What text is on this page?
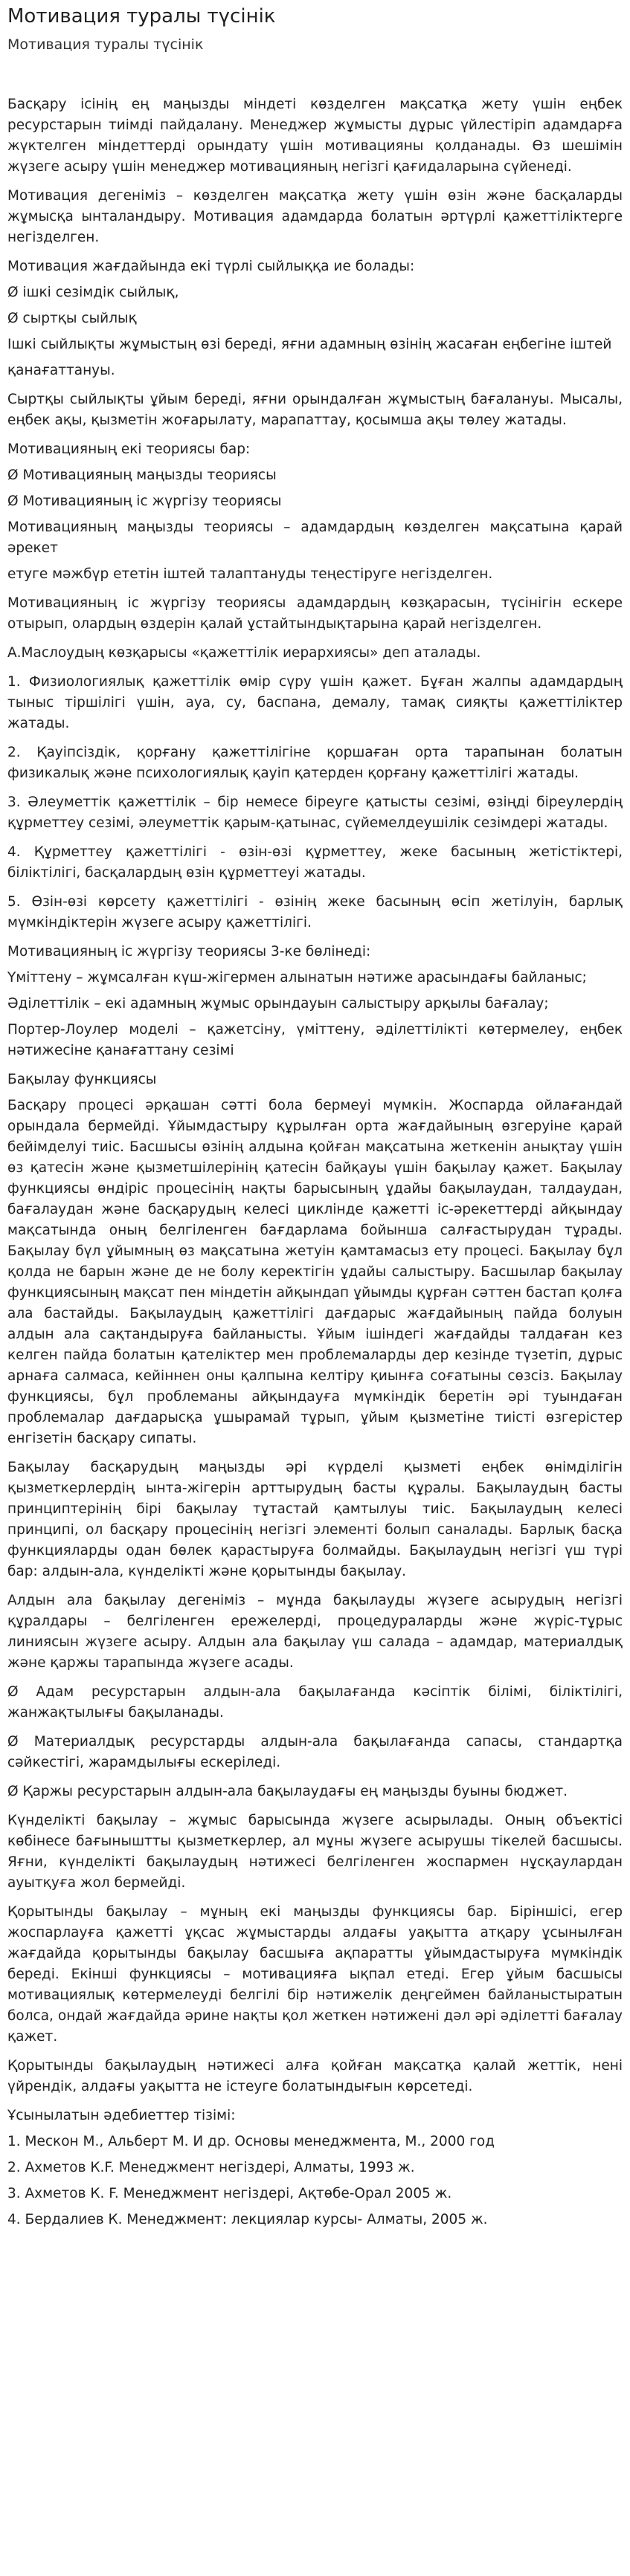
Мотивация туралы түсінік
Мотивация туралы түсінік

Басқару ісінің ең маңызды міндеті көзделген мақсатқа жету үшін еңбек ресурстарын тиімді пайдалану. Менеджер жұмысты дұрыс үйлестіріп адамдарға жүктелген міндеттерді орындату үшін мотивацияны қолданады. Өз шешімін жүзеге асыру үшін менеджер мотивацияның негізгі қағидаларына сүйенеді.

Мотивация дегеніміз – көзделген мақсатқа жету үшін өзін және басқаларды жұмысқа ынталандыру. Мотивация адамдарда болатын әртүрлі қажеттіліктерге негізделген.

Мотивация жағдайында екі түрлі сыйлыққа ие болады:

Ø ішкі сезімдік сыйлық,

Ø сыртқы сыйлық

Ішкі сыйлықты жұмыстың өзі береді, яғни адамның өзінің жасаған еңбегіне іштей

қанағаттануы.

Сыртқы сыйлықты ұйым береді, яғни орындалған жұмыстың бағалануы. Мысалы, еңбек ақы, қызметін жоғарылату, марапаттау, қосымша ақы төлеу жатады.

Мотивацияның екі теориясы бар:

Ø Мотивацияның маңызды теориясы

Ø Мотивацияның іс жүргізу теориясы

Мотивацияның маңызды теориясы – адамдардың көзделген мақсатына қарай әрекет

етуге мәжбүр ететін іштей талаптануды теңестіруге негізделген.

Мотивацияның іс жүргізу теориясы адамдардың көзқарасын, түсінігін ескере отырып, олардың өздерін қалай ұстайтындықтарына қарай негізделген.

А.Маслоудың көзқарысы «қажеттілік иерархиясы» деп аталады.

1. Физиологиялық қажеттілік өмір сүру үшін қажет. Бұған жалпы адамдардың тыныс тіршілігі үшін, ауа, су, баспана, демалу, тамақ сияқты қажеттіліктер жатады.

2. Қауіпсіздік, қорғану қажеттілігіне қоршаған орта тарапынан болатын физикалық және психологиялық қауіп қатерден қорғану қажеттілігі жатады.

3. Әлеуметтік қажеттілік – бір немесе біреуге қатысты сезімі, өзіңді біреулердің құрметтеу сезімі, әлеуметтік қарым-қатынас, сүйемелдеушілік сезімдері жатады.

4. Құрметтеу қажеттілігі - өзін-өзі құрметтеу, жеке басының жетістіктері, біліктілігі, басқалардың өзін құрметтеуі жатады.

5. Өзін-өзі көрсету қажеттілігі - өзінің жеке басының өсіп жетілуін, барлық мүмкіндіктерін жүзеге асыру қажеттілігі.

Мотивацияның іс жүргізу теориясы 3-ке бөлінеді:

Үміттену – жұмсалған күш-жігермен алынатын нәтиже арасындағы байланыс;

Әділеттілік – екі адамның жұмыс орындауын салыстыру арқылы бағалау;

Портер-Лоулер моделі – қажетсіну, үміттену, әділеттілікті көтермелеу, еңбек нәтижесіне қанағаттану сезімі

Бақылау функциясы

Басқару процесі әрқашан сәтті бола бермеуі мүмкін. Жоспарда ойлағандай орындала бермейді. Ұйымдастыру құрылған орта жағдайының өзгеруіне қарай бейімделуі тиіс. Басшысы өзінің алдына қойған мақсатына жеткенін анықтау үшін өз қатесін және қызметшілерінің қатесін байқауы үшін бақылау қажет. Бақылау функциясы өндіріс процесінің нақты барысының ұдайы бақылаудан, талдаудан, бағалаудан және басқарудың келесі циклінде қажетті іс-әрекеттерді айқындау мақсатында оның белгіленген бағдарлама бойынша салғастырудан тұрады. Бақылау бүл ұйымның өз мақсатына жетуін қамтамасыз ету процесі. Бақылау бұл қолда не барын және де не болу керектігін ұдайы салыстыру. Басшылар бақылау функциясының мақсат пен міндетін айқындап ұйымды құрған сәттен бастап қолға ала бастайды. Бақылаудың қажеттілігі дағдарыс жағдайының пайда болуын алдын ала сақтандыруға байланысты. Ұйым ішіндегі жағдайды талдаған кез келген пайда болатын қателіктер мен проблемаларды дер кезінде түзетіп, дұрыс арнаға салмаса, кейіннен оны қалпына келтіру қиынға соғатыны сөзсіз. Бақылау функциясы, бұл проблеманы айқындауға мүмкіндік беретін әрі туындаған проблемалар дағдарысқа ұшырамай тұрып, ұйым қызметіне тиісті өзгерістер енгізетін басқару сипаты.

Бақылау басқарудың маңызды әрі күрделі қызметі еңбек өнімділігін қызметкерлердің ынта-жігерін арттырудың басты құралы. Бақылаудың басты принциптерінің бірі бақылау тұтастай қамтылуы тиіс. Бақылаудың келесі принципі, ол басқару процесінің негізгі элементі болып саналады. Барлық басқа функцияларды одан бөлек қарастыруға болмайды. Бақылаудың негізгі үш түрі бар: алдын-ала, күнделікті және қорытынды бақылау.

Алдын ала бақылау дегеніміз – мұнда бақылауды жүзеге асырудың негізгі құралдары – белгіленген ережелерді, процедураларды және жүріс-тұрыс линиясын жүзеге асыру. Алдын ала бақылау үш салада – адамдар, материалдық және қаржы тарапында жүзеге асады.

Ø Адам ресурстарын алдын-ала бақылағанда кәсіптік білімі, біліктілігі, жанжақтылығы бақыланады.

Ø Материалдық ресурстарды алдын-ала бақылағанда сапасы, стандартқа сәйкестігі, жарамдылығы ескеріледі.

Ø Қаржы ресурстарын алдын-ала бақылаудағы ең маңызды буыны бюджет.

Күнделікті бақылау – жұмыс барысында жүзеге асырылады. Оның объектісі көбінесе бағыныштты қызметкерлер, ал мұны жүзеге асырушы тікелей басшысы. Яғни, күнделікті бақылаудың нәтижесі белгіленген жоспармен нұсқаулардан ауытқуға жол бермейді.

Қорытынды бақылау – мұның екі маңызды функциясы бар. Біріншісі, егер жоспарлауға қажетті ұқсас жұмыстарды алдағы уақытта атқару ұсынылған жағдайда қорытынды бақылау басшыға ақпаратты ұйымдастыруға мүмкіндік береді. Екінші функциясы – мотивацияға ықпал етеді. Егер ұйым басшысы мотивациялық көтермелеуді белгілі бір нәтижелік деңгеймен байланыстыратын болса, ондай жағдайда әрине нақты қол жеткен нәтижені дәл әрі әділетті бағалау қажет.

Қорытынды бақылаудың нәтижесі алға қойған мақсатқа қалай жеттік, нені үйрендік, алдағы уақытта не істеуге болатындығын көрсетеді.

Ұсынылатын әдебиеттер тізімі:

1. Мескон М., Альберт М. И др. Основы менеджмента, М., 2000 год

2. Ахметов К.F. Менеджмент негіздері, Алматы, 1993 ж.

3. Ахметов К. F. Менеджмент негіздері, Ақтөбе-Орал 2005 ж.

4. Бердалиев К. Менеджмент: лекциялар курсы- Алматы, 2005 ж.
